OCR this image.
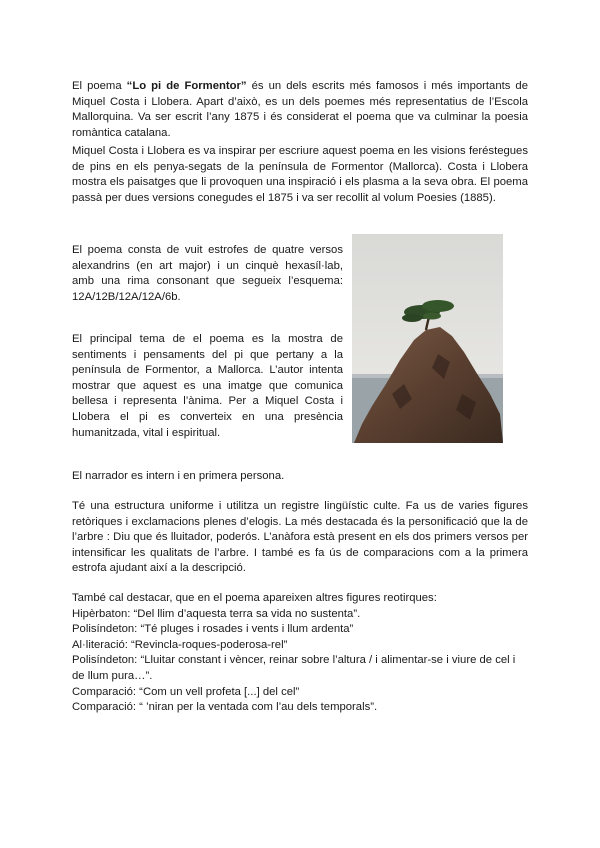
El poema “Lo pi de Formentor” és un dels escrits més famosos i més importants de Miquel Costa i Llobera. Apart d’això, es un dels poemes més representatius de l’Escola Mallorquina. Va ser escrit l’any 1875 i és considerat el poema que va culminar la poesia romàntica catalana.

Miquel Costa i Llobera es va inspirar per escriure aquest poema en les visions feréstegues de pins en els penya-segats de la península de Formentor (Mallorca). Costa i Llobera mostra els paisatges que li provoquen una inspiració i els plasma a la seva obra. El poema passà per dues versions conegudes el 1875 i va ser recollit al volum Poesies (1885).

El poema consta de vuit estrofes de quatre versos alexandrins (en art major) i un cinquè hexasíl·lab, amb una rima consonant que segueix l’esquema: 12A/12B/12A/12A/6b.

El principal tema de el poema es la mostra de sentiments i pensaments del pi que pertany a la península de Formentor, a Mallorca. L’autor intenta mostrar que aquest es una imatge que comunica bellesa i representa l’ànima. Per a Miquel Costa i Llobera el pi es converteix en una presència humanitzada, vital i espiritual.

El narrador es intern i en primera persona.

Té una estructura uniforme i utilitza un registre lingüístic culte. Fa us de varies figures retòriques i exclamacions plenes d’elogis. La més destacada és la personificació que la de l’arbre : Diu que és lluitador, poderós. L’anàfora està present en els dos primers versos per intensificar les qualitats de l’arbre. I també es fa ús de comparacions com a la primera estrofa ajudant així a la descripció.

També cal destacar, que en el poema apareixen altres figures reotirques:
Hipèrbaton: “Del llim d’aquesta terra sa vida no sustenta”.
Polisíndeton: “Té pluges i rosades i vents i llum ardenta”
Al·literació: “Revincla-roques-poderosa-rel”
Polisíndeton: “Lluitar constant i vèncer, reinar sobre l’altura / i alimentar-se i viure de cel i de llum pura…”.
Comparació: “Com un vell profeta [...] del cel”
Comparació: “ ’niran per la ventada com l’au dels temporals”.
